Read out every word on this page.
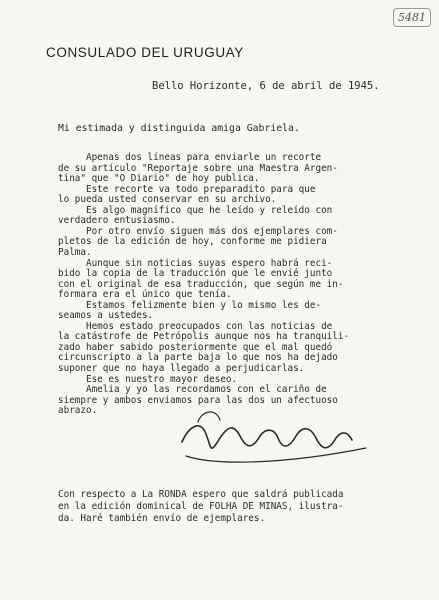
5481
CONSULADO DEL URUGUAY
Bello Horizonte, 6 de abril de 1945.
Mi estimada y distinguida amiga Gabriela.
Apenas dos líneas para enviarle un recorte
de su artículo "Reportaje sobre una Maestra Argen-
tina" que "O Diario" de hoy publica.
Este recorte va todo preparadito para que
lo pueda usted conservar en su archivo.
Es algo magnífico que he leído y releído con
verdadero entusiasmo.
Por otro envío siguen más dos ejemplares com-
pletos de la edición de hoy, conforme me pidiera
Palma.
Aunque sin noticias suyas espero habrá reci-
bido la copia de la traducción que le envié junto
con el original de esa traducción, que según me in-
formara era el único que tenía.
Estamos felizmente bien y lo mismo les de-
seamos a ustedes.
Hemos estado preocupados con las noticias de
la catástrofe de Petrópolis aunque nos ha tranquili-
zado haber sabido posteriormente que el mal quedó
circunscripto a la parte baja lo que nos ha dejado
suponer que no haya llegado a perjudicarlas.
Ese es nuestro mayor deseo.
Amelia y yo las recordamos con el cariño de
siempre y ambos enviamos para las dos un afectuoso
abrazo.
Con respecto a La RONDA espero que saldrá publicada
en la edición dominical de FOLHA DE MINAS, ilustra-
da. Haré también envío de ejemplares.
